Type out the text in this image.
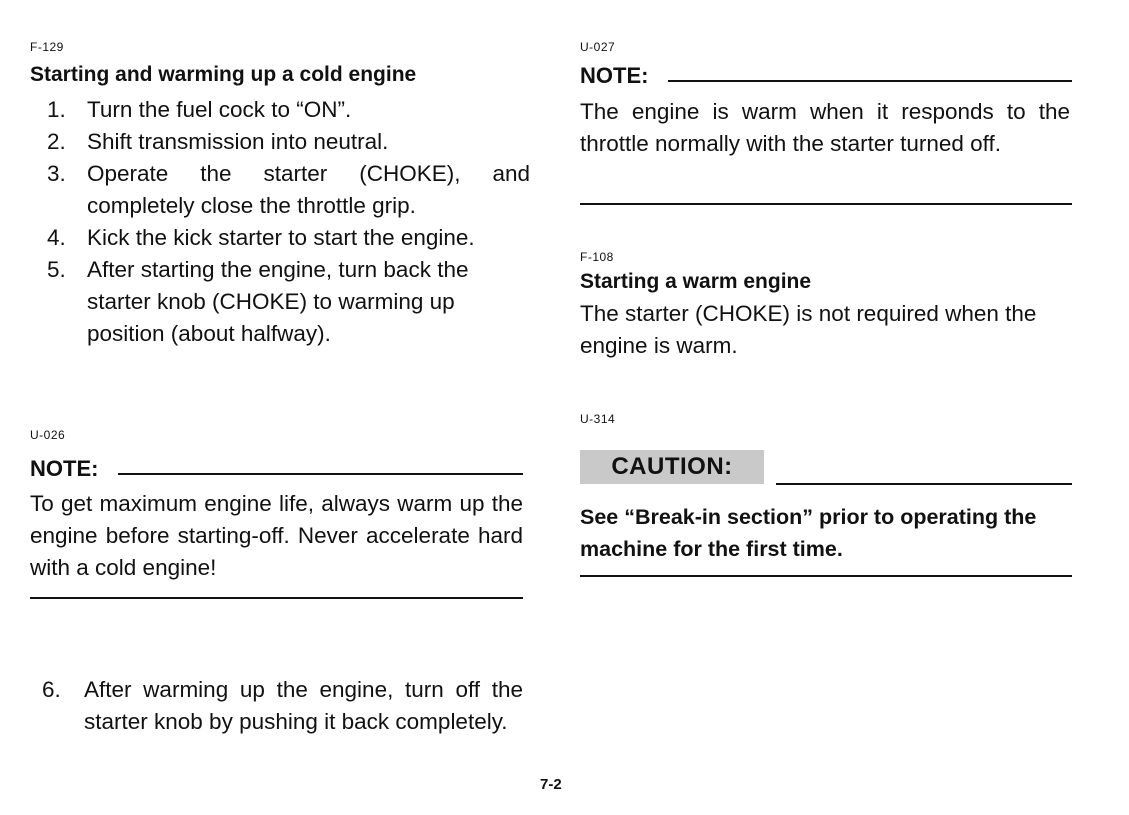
F-129
Starting and warming up a cold engine
1. Turn the fuel cock to “ON”.
2. Shift transmission into neutral.
3. Operate the starter (CHOKE), and completely close the throttle grip.
4. Kick the kick starter to start the engine.
5. After starting the engine, turn back the starter knob (CHOKE) to warming up position (about halfway).
U-026
NOTE:
To get maximum engine life, always warm up the engine before starting-off. Never accelerate hard with a cold engine!
6. After warming up the engine, turn off the starter knob by pushing it back completely.
U-027
NOTE:
The engine is warm when it responds to the throttle normally with the starter turned off.
F-108
Starting a warm engine
The starter (CHOKE) is not required when the engine is warm.
U-314
CAUTION:
See “Break-in section” prior to operating the machine for the first time.
7-2
